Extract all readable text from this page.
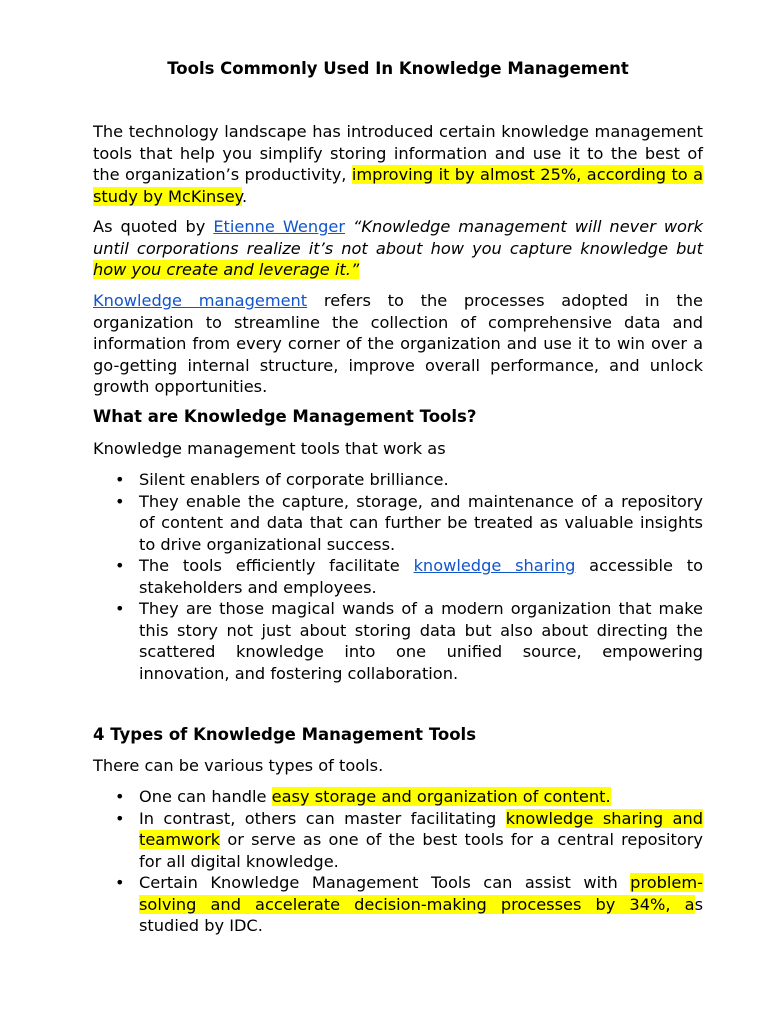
Tools Commonly Used In Knowledge Management

The technology landscape has introduced certain knowledge management tools that help you simplify storing information and use it to the best of the organization’s productivity, improving it by almost 25%, according to a study by McKinsey.

As quoted by Etienne Wenger “Knowledge management will never work until corporations realize it’s not about how you capture knowledge but how you create and leverage it.”

Knowledge management refers to the processes adopted in the organization to streamline the collection of comprehensive data and information from every corner of the organization and use it to win over a go-getting internal structure, improve overall performance, and unlock growth opportunities.

What are Knowledge Management Tools?

Knowledge management tools that work as

• Silent enablers of corporate brilliance.
• They enable the capture, storage, and maintenance of a repository of content and data that can further be treated as valuable insights to drive organizational success.
• The tools efficiently facilitate knowledge sharing accessible to stakeholders and employees.
• They are those magical wands of a modern organization that make this story not just about storing data but also about directing the scattered knowledge into one unified source, empowering innovation, and fostering collaboration.
4 Types of Knowledge Management Tools

There can be various types of tools.

• One can handle easy storage and organization of content.
• In contrast, others can master facilitating knowledge sharing and teamwork or serve as one of the best tools for a central repository for all digital knowledge.
• Certain Knowledge Management Tools can assist with problem-solving and accelerate decision-making processes by 34%, as studied by IDC.
